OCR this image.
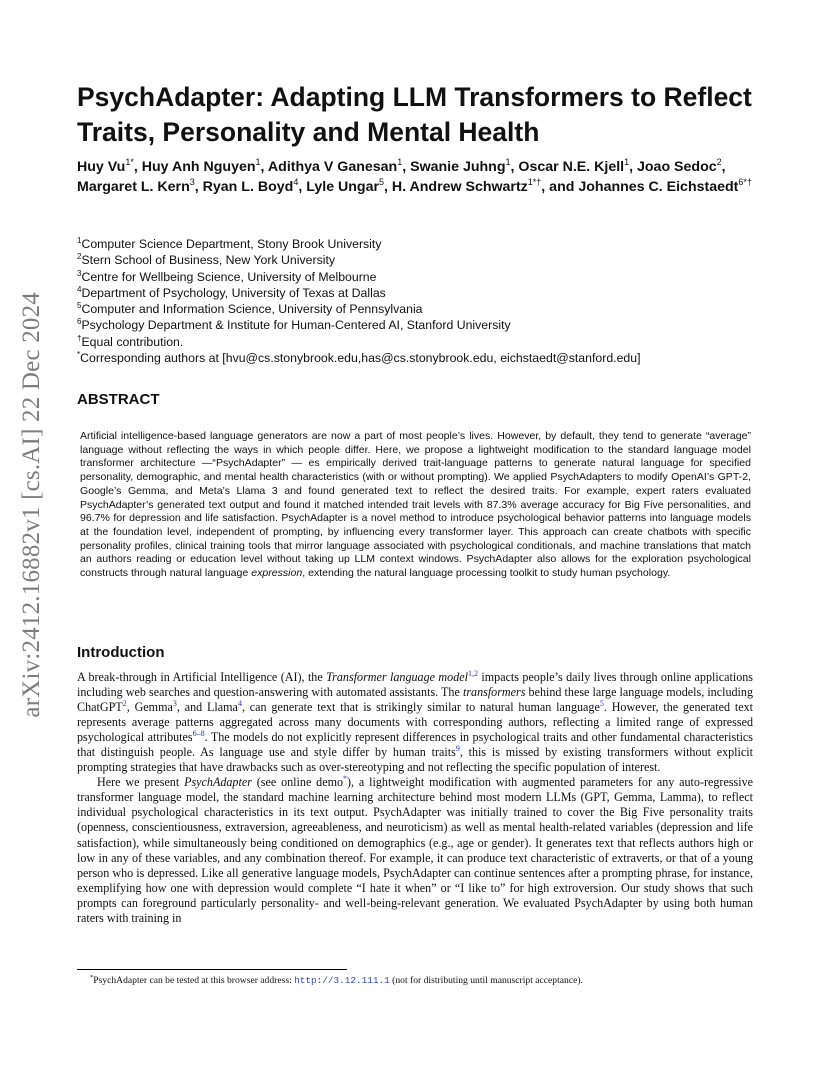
arXiv:2412.16882v1 [cs.AI] 22 Dec 2024
PsychAdapter: Adapting LLM Transformers to Reflect Traits, Personality and Mental Health

Huy $Vu^{1*}$, Huy Anh Nguyen$^1$, Adithya V Ganesan$^1$, Swanie Juhng$^1$, Oscar N.E. Kjell$^1$, Joao Sedoc$^2$, Margaret L. Kern$^3$, Ryan L. Boyd$^4$, Lyle Ungar$^5$, H. Andrew Schwartz$^{1*\dagger}$, and Johannes C. Eichstaedt$^{6*\dagger}$

$^1$Computer Science Department, Stony Brook University
$^2$Stern School of Business, New York University
$^3$Centre for Wellbeing Science, University of Melbourne
$^4$Department of Psychology, University of Texas at Dallas
$^5$Computer and Information Science, University of Pennsylvania
$^6$Psychology Department & Institute for Human-Centered AI, Stanford University
†Equal contribution.
*Corresponding authors at [hvu@cs.stonybrook.edu,has@cs.stonybrook.edu, eichstaedt@stanford.edu]
ABSTRACT

Artificial intelligence-based language generators are now a part of most people’s lives. However, by default, they tend to generate “average” language without reflecting the ways in which people differ. Here, we propose a lightweight modification to the standard language model transformer architecture —“PsychAdapter” — es empirically derived trait-language patterns to generate natural language for specified personality, demographic, and mental health characteristics (with or without prompting). We applied PsychAdapters to modify OpenAI’s GPT-2, Google’s Gemma, and Meta’s Llama 3 and found generated text to reflect the desired traits. For example, expert raters evaluated PsychAdapter’s generated text output and found it matched intended trait levels with 87.3% average accuracy for Big Five personalities, and 96.7% for depression and life satisfaction. PsychAdapter is a novel method to introduce psychological behavior patterns into language models at the foundation level, independent of prompting, by influencing every transformer layer. This approach can create chatbots with specific personality profiles, clinical training tools that mirror language associated with psychological conditionals, and machine translations that match an authors reading or education level without taking up LLM context windows. PsychAdapter also allows for the exploration psychological constructs through natural language expression, extending the natural language processing toolkit to study human psychology.

Introduction

A break-through in Artificial Intelligence (AI), the Transformer language model$^{1,2}$ impacts people’s daily lives through online applications including web searches and question-answering with automated assistants. The transformers behind these large language models, including ChatGPT$^2$, Gemma$^3$, and Llama$^4$, can generate text that is strikingly similar to natural human language$^5$. However, the generated text represents average patterns aggregated across many documents with corresponding authors, reflecting a limited range of expressed psychological attributes$^{6-8}$. The models do not explicitly represent differences in psychological traits and other fundamental characteristics that distinguish people. As language use and style differ by human traits$^9$, this is missed by existing transformers without explicit prompting strategies that have drawbacks such as over-stereotyping and not reflecting the specific population of interest.

Here we present PsychAdapter (see online demo*), a lightweight modification with augmented parameters for any auto-regressive transformer language model, the standard machine learning architecture behind most modern LLMs (GPT, Gemma, Lamma), to reflect individual psychological characteristics in its text output. PsychAdapter was initially trained to cover the Big Five personality traits (openness, conscientiousness, extraversion, agreeableness, and neuroticism) as well as mental health-related variables (depression and life satisfaction), while simultaneously being conditioned on demographics (e.g., age or gender). It generates text that reflects authors high or low in any of these variables, and any combination thereof. For example, it can produce text characteristic of extraverts, or that of a young person who is depressed. Like all generative language models, PsychAdapter can continue sentences after a prompting phrase, for instance, exemplifying how one with depression would complete “I hate it when” or “I like to” for high extroversion. Our study shows that such prompts can foreground particularly personality- and well-being-relevant generation. We evaluated PsychAdapter by using both human raters with training in

*PsychAdapter can be tested at this browser address: http://3.12.111.1 (not for distributing until manuscript acceptance).
